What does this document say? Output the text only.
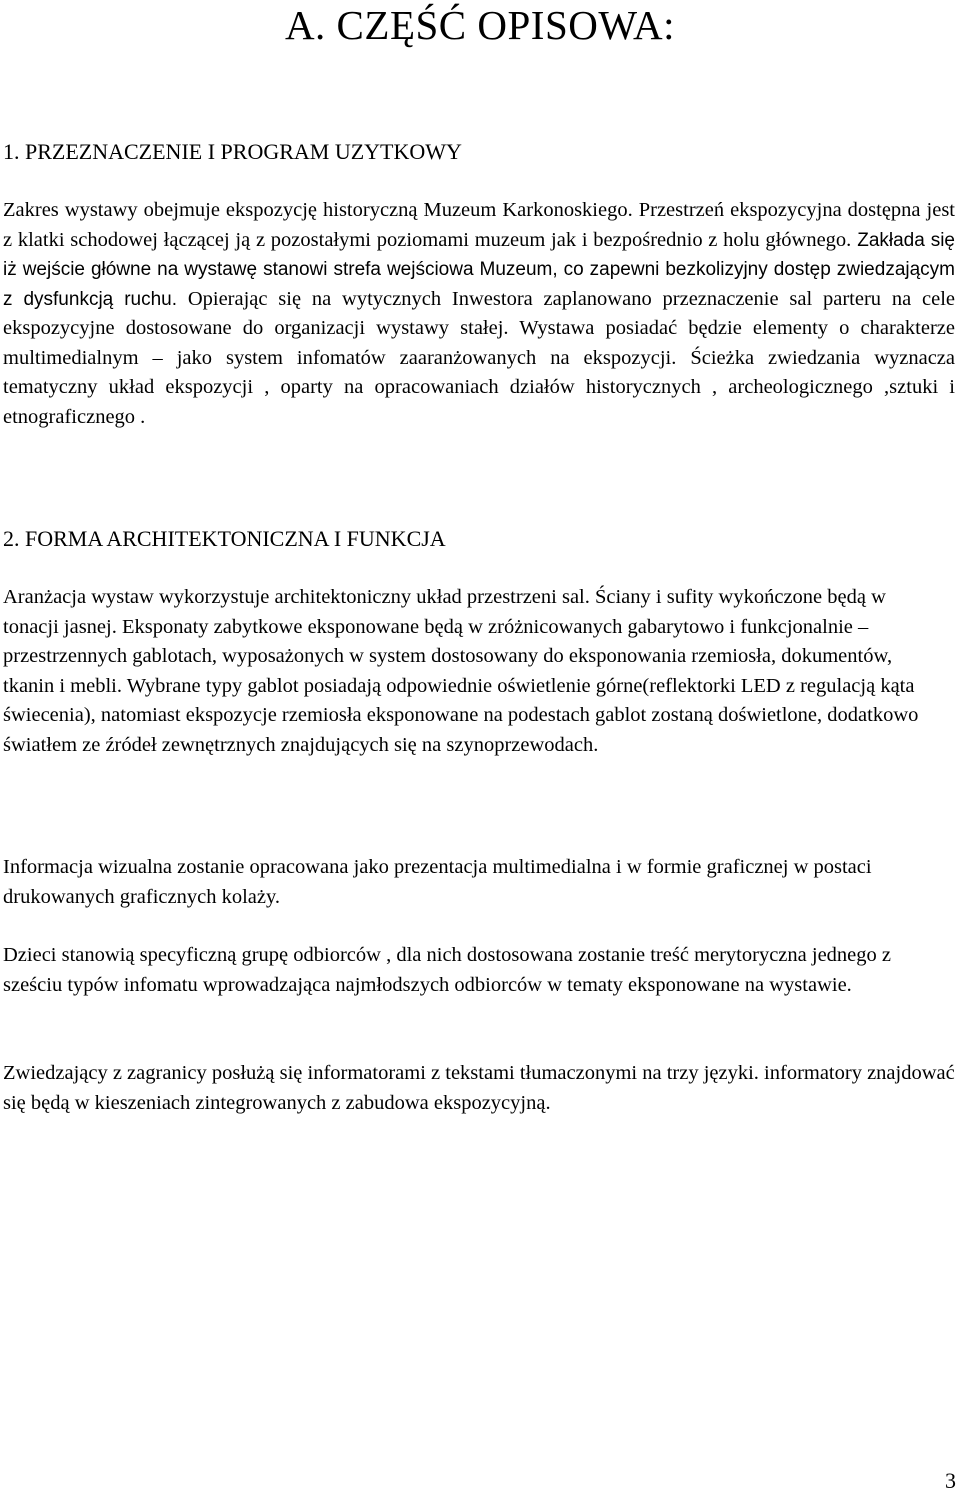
A. CZĘŚĆ OPISOWA:
1. PRZEZNACZENIE I PROGRAM UZYTKOWY

Zakres wystawy obejmuje ekspozycję historyczną Muzeum Karkonoskiego. Przestrzeń ekspozycyjna dostępna jest z klatki schodowej łączącej ją z pozostałymi poziomami muzeum jak i bezpośrednio z holu głównego. Zakłada się iż wejście główne na wystawę stanowi strefa wejściowa Muzeum, co zapewni bezkolizyjny dostęp zwiedzającym z dysfunkcją ruchu. Opierając się na wytycznych Inwestora zaplanowano przeznaczenie sal parteru na cele ekspozycyjne dostosowane do organizacji wystawy stałej. Wystawa posiadać będzie elementy o charakterze multimedialnym – jako system infomatów zaaranżowanych na ekspozycji. Ścieżka zwiedzania wyznacza tematyczny układ ekspozycji , oparty na opracowaniach działów historycznych , archeologicznego ,sztuki i etnograficznego .

2. FORMA ARCHITEKTONICZNA I FUNKCJA

Aranżacja wystaw wykorzystuje architektoniczny układ przestrzeni sal. Ściany i sufity wykończone będą w tonacji jasnej. Eksponaty zabytkowe eksponowane będą w zróżnicowanych gabarytowo i funkcjonalnie – przestrzennych gablotach, wyposażonych w system dostosowany do eksponowania rzemiosła, dokumentów, tkanin i mebli. Wybrane typy gablot posiadają odpowiednie oświetlenie górne(reflektorki LED z regulacją kąta świecenia), natomiast ekspozycje rzemiosła eksponowane na podestach gablot zostaną doświetlone, dodatkowo światłem ze źródeł zewnętrznych znajdujących się na szynoprzewodach.

Informacja wizualna zostanie opracowana jako prezentacja multimedialna i w formie graficznej w postaci drukowanych graficznych kolaży.

Dzieci stanowią specyficzną grupę odbiorców , dla nich dostosowana zostanie treść merytoryczna jednego z sześciu typów infomatu wprowadzająca najmłodszych odbiorców w tematy eksponowane na wystawie.

Zwiedzający z zagranicy posłużą się informatorami z tekstami tłumaczonymi na trzy języki. informatory znajdować się będą w kieszeniach zintegrowanych z zabudowa ekspozycyjną.

3
